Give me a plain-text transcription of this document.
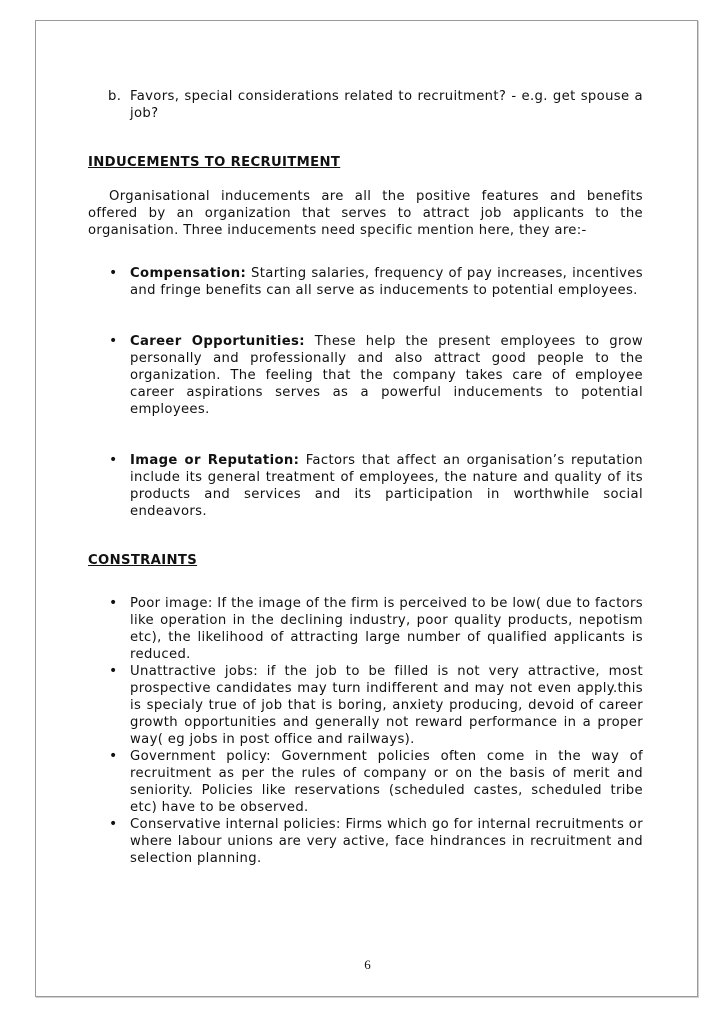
b. Favors, special considerations related to recruitment? - e.g. get spouse a job?
INDUCEMENTS TO RECRUITMENT
Organisational inducements are all the positive features and benefits offered by an organization that serves to attract job applicants to the organisation. Three inducements need specific mention here, they are:-
• Compensation: Starting salaries, frequency of pay increases, incentives and fringe benefits can all serve as inducements to potential employees.
• Career Opportunities: These help the present employees to grow personally and professionally and also attract good people to the organization. The feeling that the company takes care of employee career aspirations serves as a powerful inducements to potential employees.
• Image or Reputation: Factors that affect an organisation’s reputation include its general treatment of employees, the nature and quality of its products and services and its participation in worthwhile social endeavors.
CONSTRAINTS
• Poor image: If the image of the firm is perceived to be low( due to factors like operation in the declining industry, poor quality products, nepotism etc), the likelihood of attracting large number of qualified applicants is reduced.
• Unattractive jobs: if the job to be filled is not very attractive, most prospective candidates may turn indifferent and may not even apply.this is specialy true of job that is boring, anxiety producing, devoid of career growth opportunities and generally not reward performance in a proper way( eg jobs in post office and railways).
• Government policy: Government policies often come in the way of recruitment as per the rules of company or on the basis of merit and seniority. Policies like reservations (scheduled castes, scheduled tribe etc) have to be observed.
• Conservative internal policies: Firms which go for internal recruitments or where labour unions are very active, face hindrances in recruitment and selection planning.
6
